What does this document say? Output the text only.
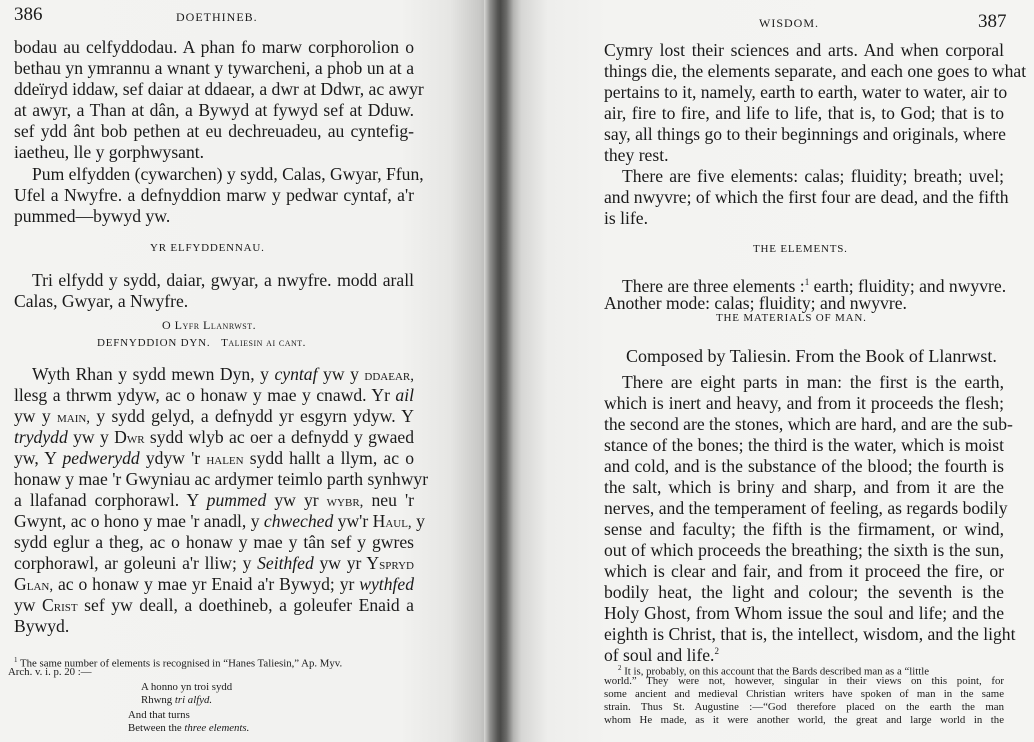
386	DOETHINEB.
bodau au celfyddodau. A phan fo marw corphorolion o
bethau yn ymrannu a wnant y tywarcheni, a phob un at a
ddeïryd iddaw, sef daiar at ddaear, a dwr at Ddwr, ac awyr
at awyr, a Than at dân, a Bywyd at fywyd sef at Dduw.
sef ydd ânt bob pethen at eu dechreuadeu, au cyntefig-
iaetheu, lle y gorphwysant.
Pum elfydden (cywarchen) y sydd, Calas, Gwyar, Ffun,
Ufel a Nwyfre. a defnyddion marw y pedwar cyntaf, a'r
pummed—bywyd yw.
YR ELFYDDENNAU.
Tri elfydd y sydd, daiar, gwyar, a nwyfre. modd arall
Calas, Gwyar, a Nwyfre.
O Lyfr Llanrwst.
DEFNYDDION DYN. Taliesin ai cant.
Wyth Rhan y sydd mewn Dyn, y cyntaf yw y ddaear,
llesg a thrwm ydyw, ac o honaw y mae y cnawd. Yr ail
yw y main, y sydd gelyd, a defnydd yr esgyrn ydyw. Y
trydydd yw y Dwr sydd wlyb ac oer a defnydd y gwaed
yw, Y pedwerydd ydyw 'r halen sydd hallt a llym, ac o
honaw y mae 'r Gwyniau ac ardymer teimlo parth synhwyr
a llafanad corphorawl. Y pummed yw yr wybr, neu 'r
Gwynt, ac o hono y mae 'r anadl, y chweched yw'r Haul, y
sydd eglur a theg, ac o honaw y mae y tân sef y gwres
corphorawl, ar goleuni a'r lliw; y Seithfed yw yr Yspryd
Glan, ac o honaw y mae yr Enaid a'r Bywyd; yr wythfed
yw Crist sef yw deall, a doethineb, a goleufer Enaid a
Bywyd.
$^1$ The same number of elements is recognised in “Hanes Taliesin,” Ap. Myv.
Arch. v. i. p. 20 :—
A honno yn troi sydd
Rhwng tri alfyd.
And that turns
Between the three elements.
WISDOM.	387
Cymry lost their sciences and arts. And when corporal
things die, the elements separate, and each one goes to what
pertains to it, namely, earth to earth, water to water, air to
air, fire to fire, and life to life, that is, to God; that is to
say, all things go to their beginnings and originals, where
they rest.
There are five elements: calas; fluidity; breath; uvel;
and nwyvre; of which the first four are dead, and the fifth
is life.
THE ELEMENTS.
There are three elements :$^1$ earth; fluidity; and nwyvre.
Another mode: calas; fluidity; and nwyvre.
THE MATERIALS OF MAN.
Composed by Taliesin. From the Book of Llanrwst.
There are eight parts in man: the first is the earth,
which is inert and heavy, and from it proceeds the flesh;
the second are the stones, which are hard, and are the sub-
stance of the bones; the third is the water, which is moist
and cold, and is the substance of the blood; the fourth is
the salt, which is briny and sharp, and from it are the
nerves, and the temperament of feeling, as regards bodily
sense and faculty; the fifth is the firmament, or wind,
out of which proceeds the breathing; the sixth is the sun,
which is clear and fair, and from it proceed the fire, or
bodily heat, the light and colour; the seventh is the
Holy Ghost, from Whom issue the soul and life; and the
eighth is Christ, that is, the intellect, wisdom, and the light
$^2$ It is, probably, on this account that the Bards described man as a “little
world.” They were not, however, singular in their views on this point, for
some ancient and medieval Christian writers have spoken of man in the same
strain. Thus St. Augustine :—“God therefore placed on the earth the man
whom He made, as it were another world, the great and large world in the
of soul and life.$^2$
